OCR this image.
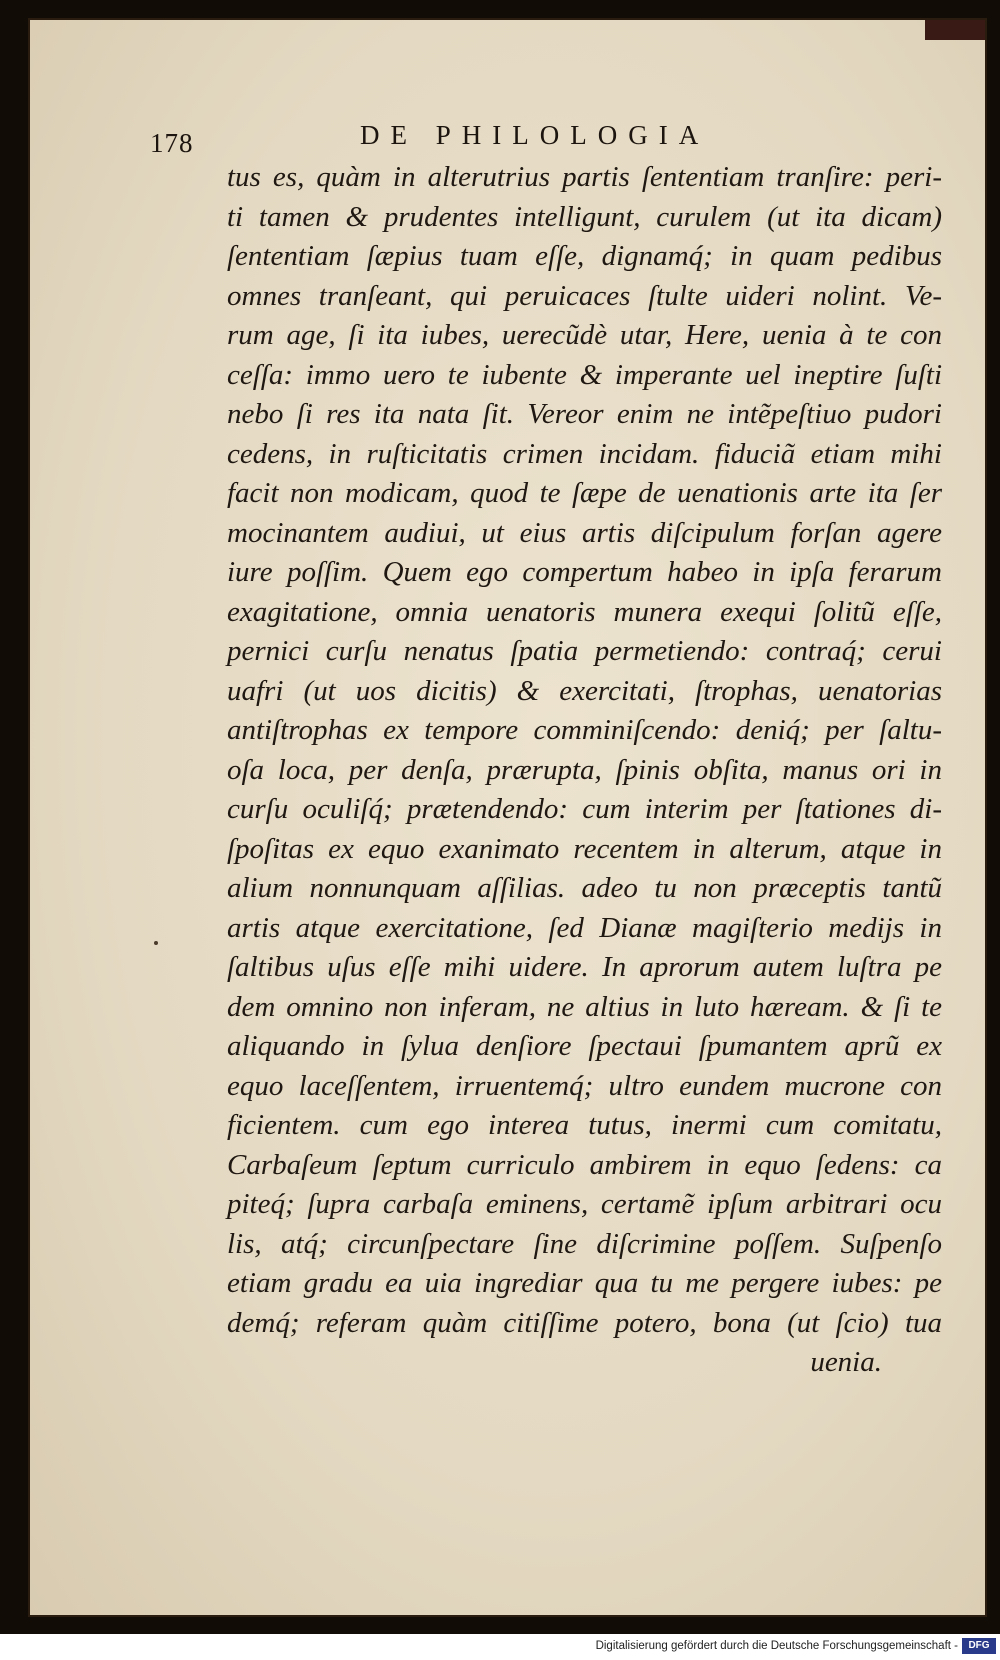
178	DE PHILOLOGIA
tus es, quàm in alterutrius partis ſententiam tranſire: peri-
ti tamen & prudentes intelligunt, curulem (ut ita dicam)
ſententiam ſæpius tuam eſſe, dignamq́; in quam pedibus
omnes tranſeant, qui peruicaces ſtulte uideri nolint. Ve-
rum age, ſi ita iubes, uerecũdè utar, Here, uenia à te con
ceſſa: immo uero te iubente & imperante uel ineptire ſuſti
nebo ſi res ita nata ſit. Vereor enim ne intẽpeſtiuo pudori
cedens, in ruſticitatis crimen incidam. fiduciã etiam mihi
facit non modicam, quod te ſæpe de uenationis arte ita ſer
mocinantem audiui, ut eius artis diſcipulum forſan agere
iure poſſim. Quem ego compertum habeo in ipſa ferarum
exagitatione, omnia uenatoris munera exequi ſolitũ eſſe,
pernici curſu nenatus ſpatia permetiendo: contraq́; cerui
uafri (ut uos dicitis) & exercitati, ſtrophas, uenatorias
antiſtrophas ex tempore comminiſcendo: deniq́; per ſaltu-
oſa loca, per denſa, prærupta, ſpinis obſita, manus ori in
curſu oculiſq́; prætendendo: cum interim per ſtationes di-
ſpoſitas ex equo exanimato recentem in alterum, atque in
alium nonnunquam aſſilias. adeo tu non præceptis tantũ
artis atque exercitatione, ſed Dianæ magiſterio medijs in
ſaltibus uſus eſſe mihi uidere. In aprorum autem luſtra pe
dem omnino non inferam, ne altius in luto hæream. & ſi te
aliquando in ſylua denſiore ſpectaui ſpumantem aprũ ex
equo laceſſentem, irruentemq́; ultro eundem mucrone con
ficientem. cum ego interea tutus, inermi cum comitatu,
Carbaſeum ſeptum curriculo ambirem in equo ſedens: ca
piteq́; ſupra carbaſa eminens, certamẽ ipſum arbitrari ocu
lis, atq́; circunſpectare ſine diſcrimine poſſem. Suſpenſo
etiam gradu ea uia ingrediar qua tu me pergere iubes: pe
demq́; referam quàm citiſſime potero, bona (ut ſcio) tua
uenia.
Digitalisierung gefördert durch die Deutsche Forschungsgemeinschaft -	DFG
